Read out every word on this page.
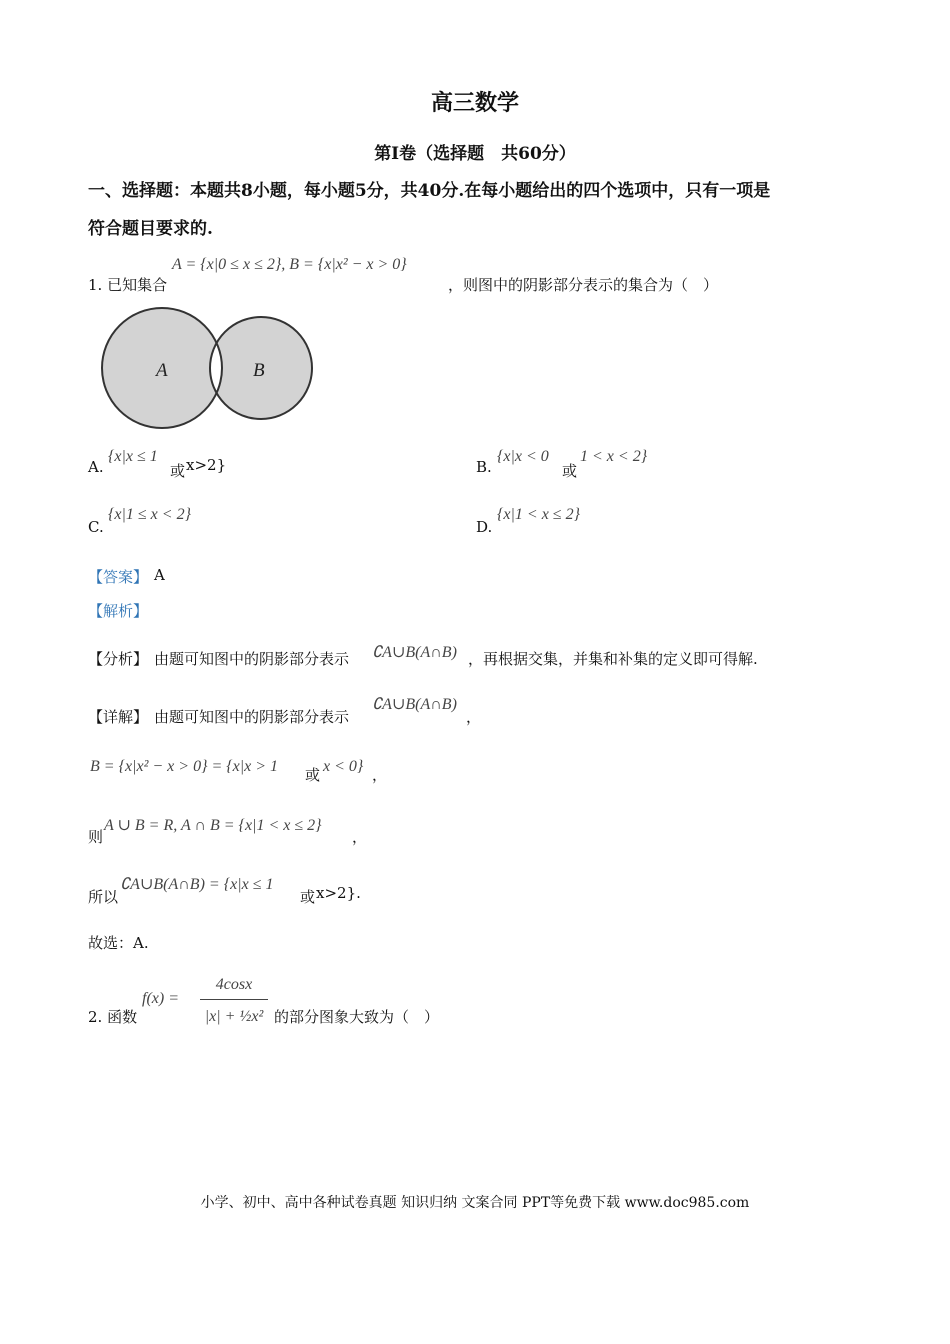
高三数学
第I卷（选择题　共60分）
一、选择题：本题共8小题，每小题5分，共40分.在每小题给出的四个选项中，只有一项是
符合题目要求的.
1. 已知集合
A = {x|0 ≤ x ≤ 2}, B = {x|x² − x > 0}
，则图中的阴影部分表示的集合为（　）
A	B
A.
{x|x ≤ 1
或 x>2}	B.
{x|x < 0
或
1 < x < 2}
C.
{x|1 ≤ x < 2}
D.
{x|1 < x ≤ 2}
【答案】 A
【解析】
【分析】 由题可知图中的阴影部分表示 ∁A∪B(A∩B) ，再根据交集，并集和补集的定义即可得解.
【详解】 由题可知图中的阴影部分表示
∁A∪B(A∩B)
，
B = {x|x² − x > 0} = {x|x > 1 或 x < 0} ，
则
A ∪ B = R, A ∩ B = {x|1 < x ≤ 2}
，
所以
∁A∪B(A∩B) = {x|x ≤ 1
或 x>2}.
故选：A.
2. 函数
f(x) =
4cosx
|x| + ½x² 的部分图象大致为（　）
小学、初中、高中各种试卷真题 知识归纳 文案合同 PPT等免费下载 www.doc985.com
